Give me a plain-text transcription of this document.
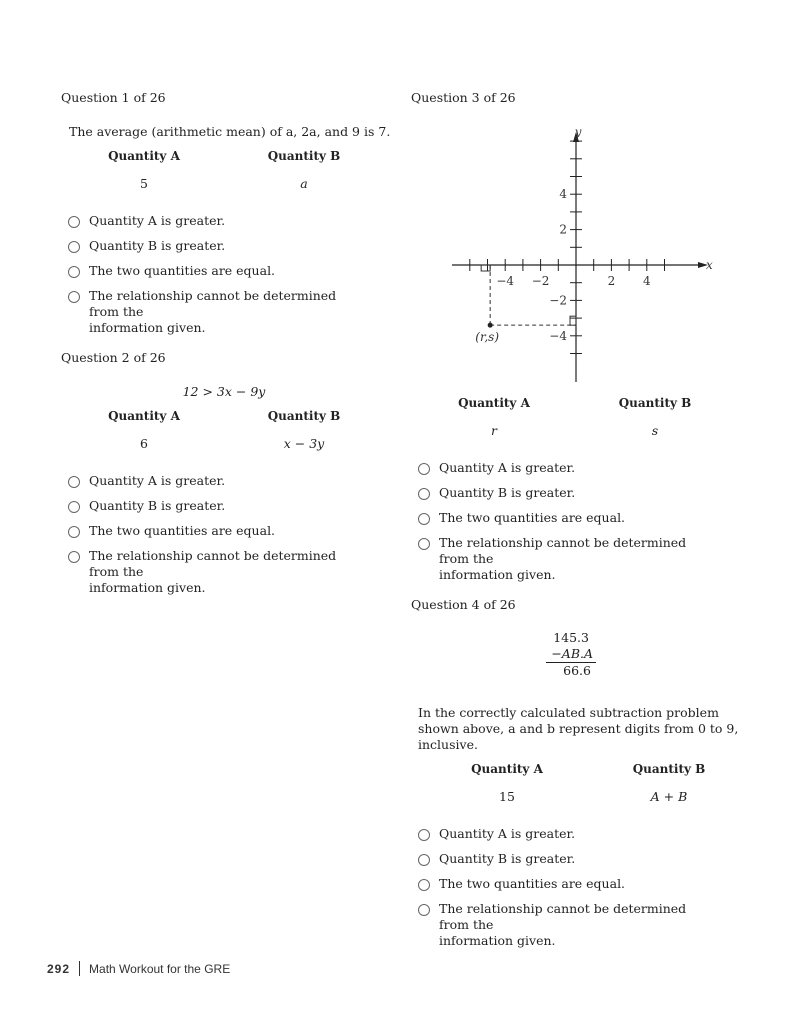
Question 1 of 26
The average (arithmetic mean) of a, 2a, and 9 is 7.
Quantity A	Quantity B
5	a
Question 2 of 26
12 > 3x − 9y
Quantity A	Quantity B
6	x − 3y
Question 3 of 26
−4 −2	2 4
4
2
−2
−4
x
y
(r,s)
Quantity A	Quantity B
r	s
Question 4 of 26
145.3
−AB.A
66.6
In the correctly calculated subtraction problem
shown above, a and b represent digits from 0 to 9,
inclusive.
Quantity A	Quantity B
15	A + B
292 Math Workout for the GRE
Quantity A is greater.
Quantity B is greater.
The two quantities are equal.
The relationship cannot be determined from the
information given.
Quantity A is greater.
Quantity B is greater.
The two quantities are equal.
The relationship cannot be determined from the
information given.
Quantity A is greater.
Quantity B is greater.
The two quantities are equal.
The relationship cannot be determined from the
information given.
Quantity A is greater.
Quantity B is greater.
The two quantities are equal.
The relationship cannot be determined from the
information given.
